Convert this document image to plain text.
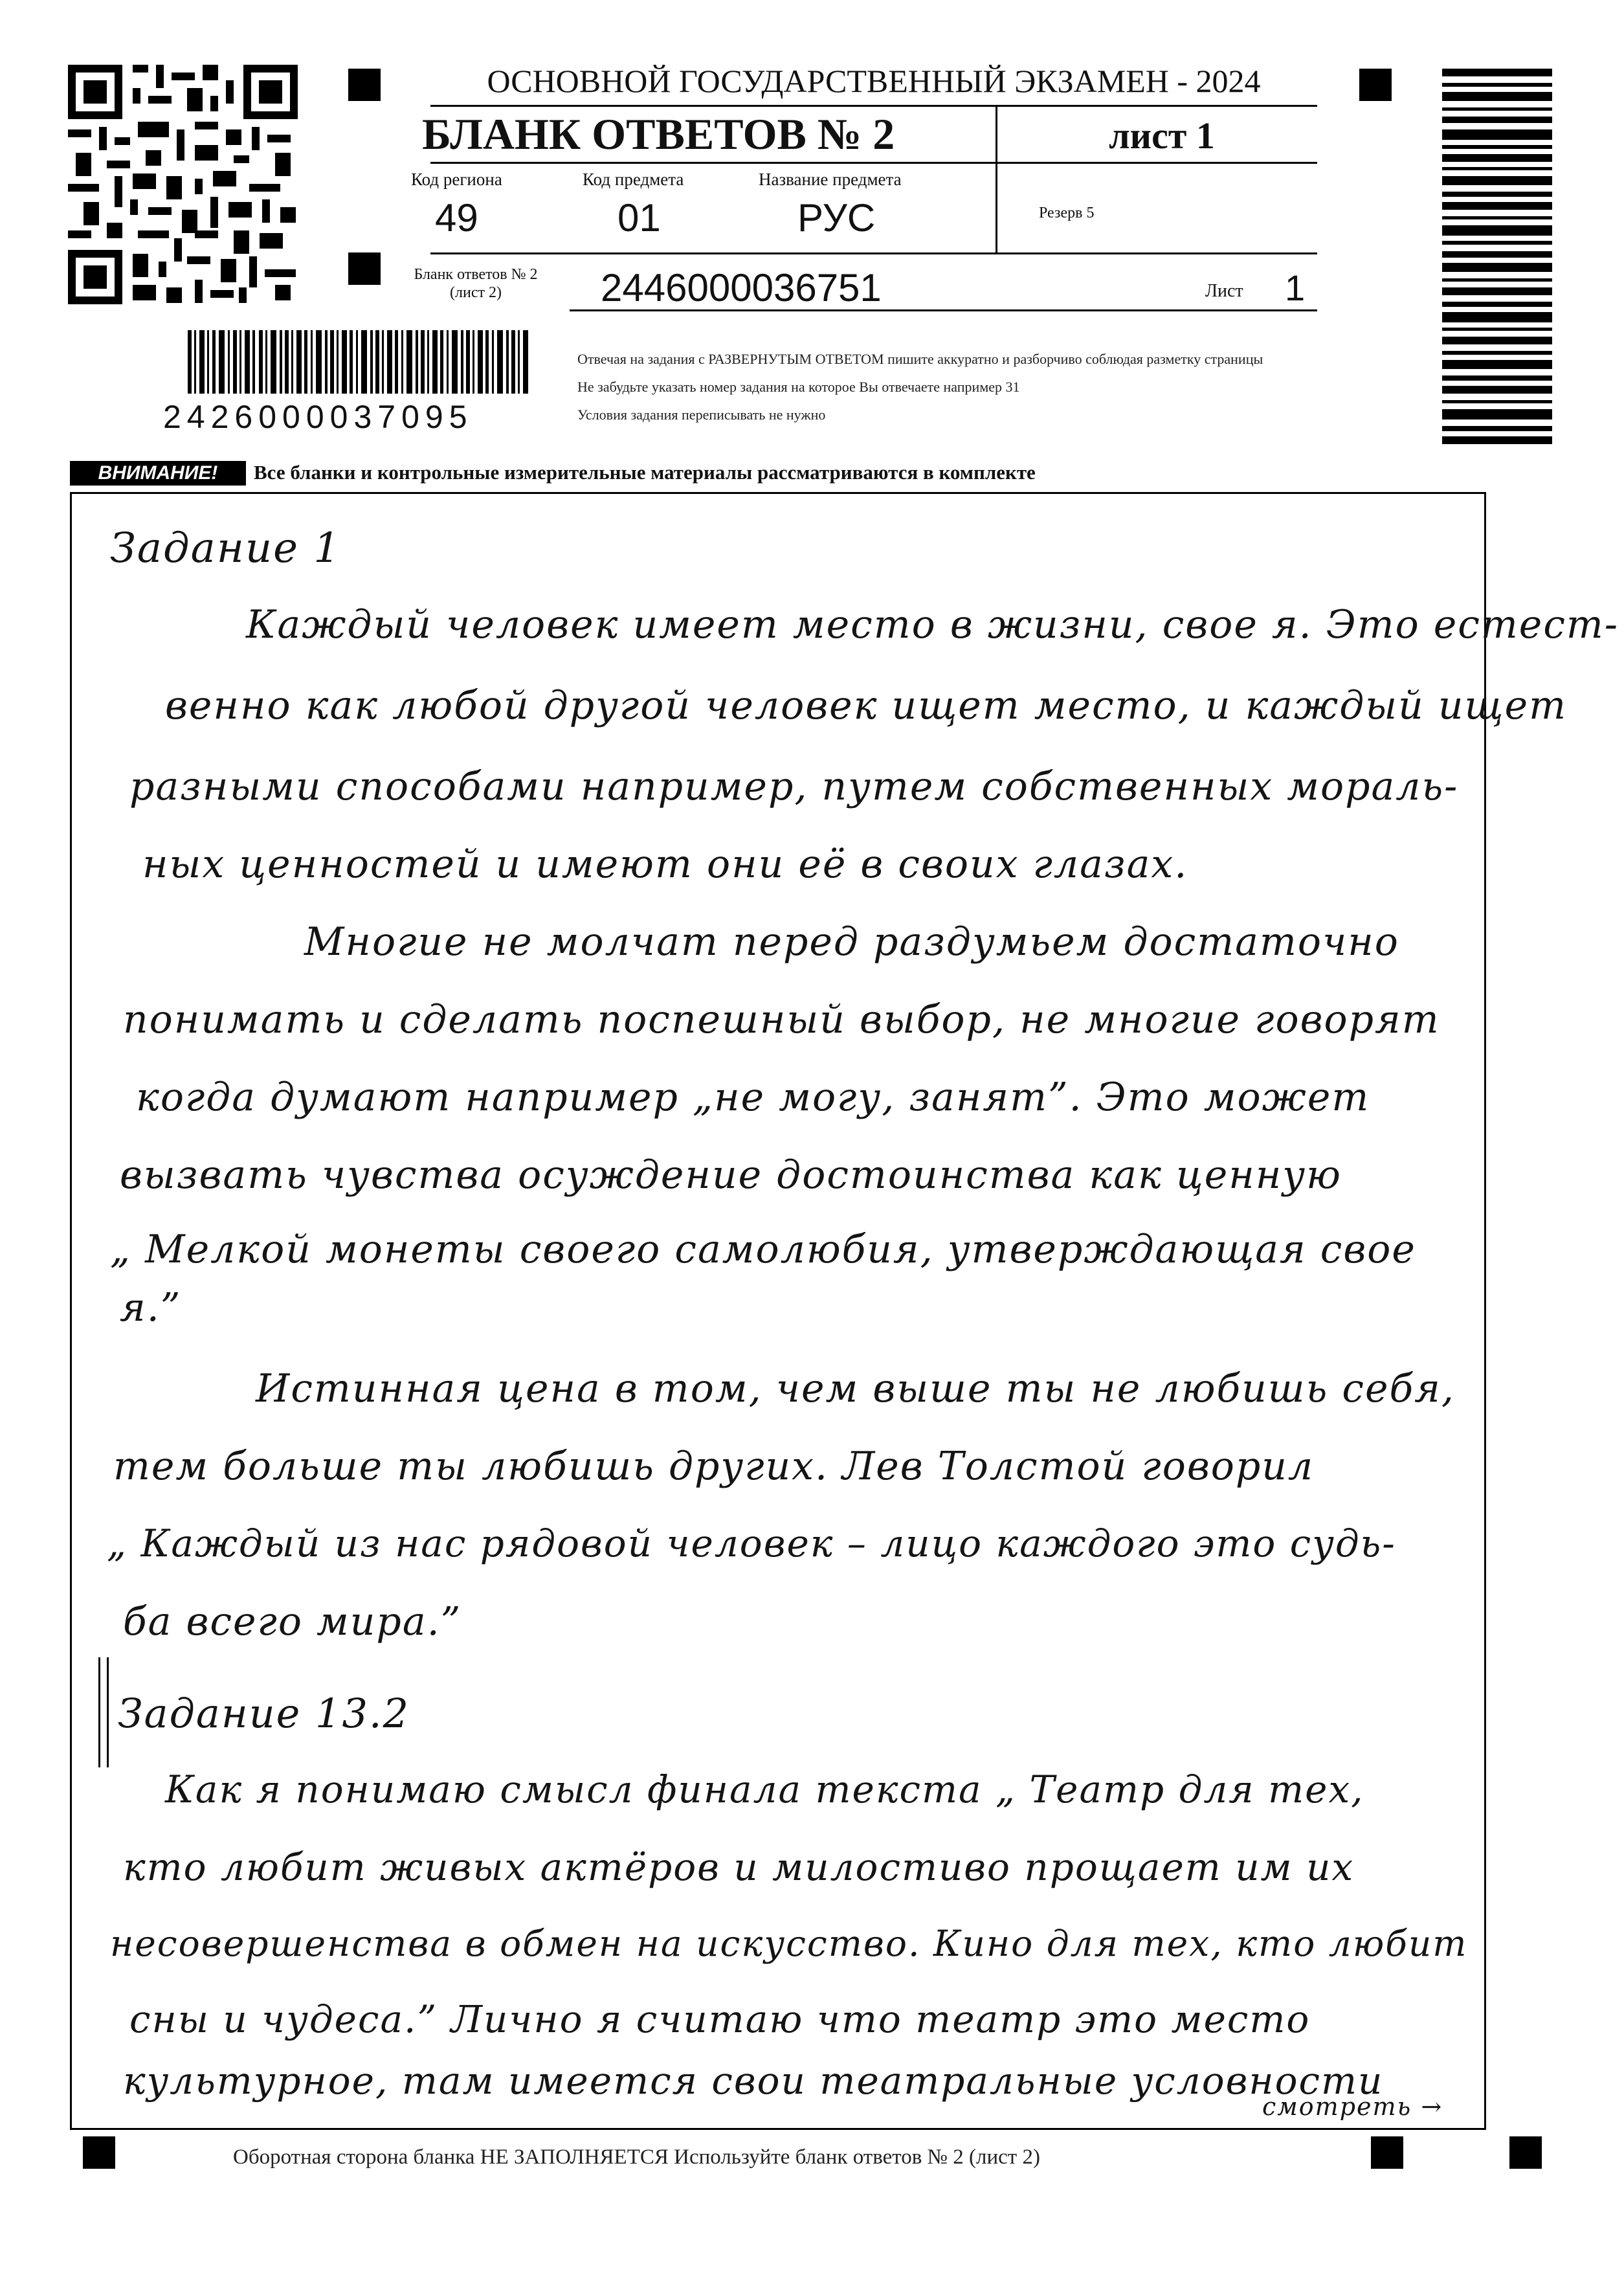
ОСНОВНОЙ ГОСУДАРСТВЕННЫЙ ЭКЗАМЕН - 2024
БЛАНК ОТВЕТОВ № 2	лист 1
Код региона	Код предмета	Название предмета
49	01	РУС	Резерв 5
Бланк ответов № 2
(лист 2)	2446000036751	Лист 1
2426000037095
Отвечая на задания с РАЗВЕРНУТЫМ ОТВЕТОМ пишите аккуратно и разборчиво соблюдая разметку страницы
Не забудьте указать номер задания на которое Вы отвечаете например 31
Условия задания переписывать не нужно
ВНИМАНИЕ!	Все бланки и контрольные измерительные материалы рассматриваются в комплекте
Задание 1
Каждый человек имеет место в жизни, свое я. Это естест-
венно как любой другой человек ищет место, и каждый ищет
разными способами например, путем собственных мораль-
ных ценностей и имеют они её в своих глазах.
Многие не молчат перед раздумьем достаточно
понимать и сделать поспешный выбор, не многие говорят
когда думают например „не могу, занят”. Это может
вызвать чувства осуждение достоинства как ценную
„ Мелкой монеты своего самолюбия, утверждающая свое
я.”
Истинная цена в том, чем выше ты не любишь себя,
тем больше ты любишь других. Лев Толстой говорил
„ Каждый из нас рядовой человек – лицо каждого это судь-
ба всего мира.”
Задание 13.2
Как я понимаю смысл финала текста „ Театр для тех,
кто любит живых актёров и милостиво прощает им их
несовершенства в обмен на искусство. Кино для тех, кто любит
сны и чудеса.” Лично я считаю что театр это место
культурное, там имеется свои театральные условности
смотреть →
Оборотная сторона бланка НЕ ЗАПОЛНЯЕТСЯ Используйте бланк ответов № 2 (лист 2)
